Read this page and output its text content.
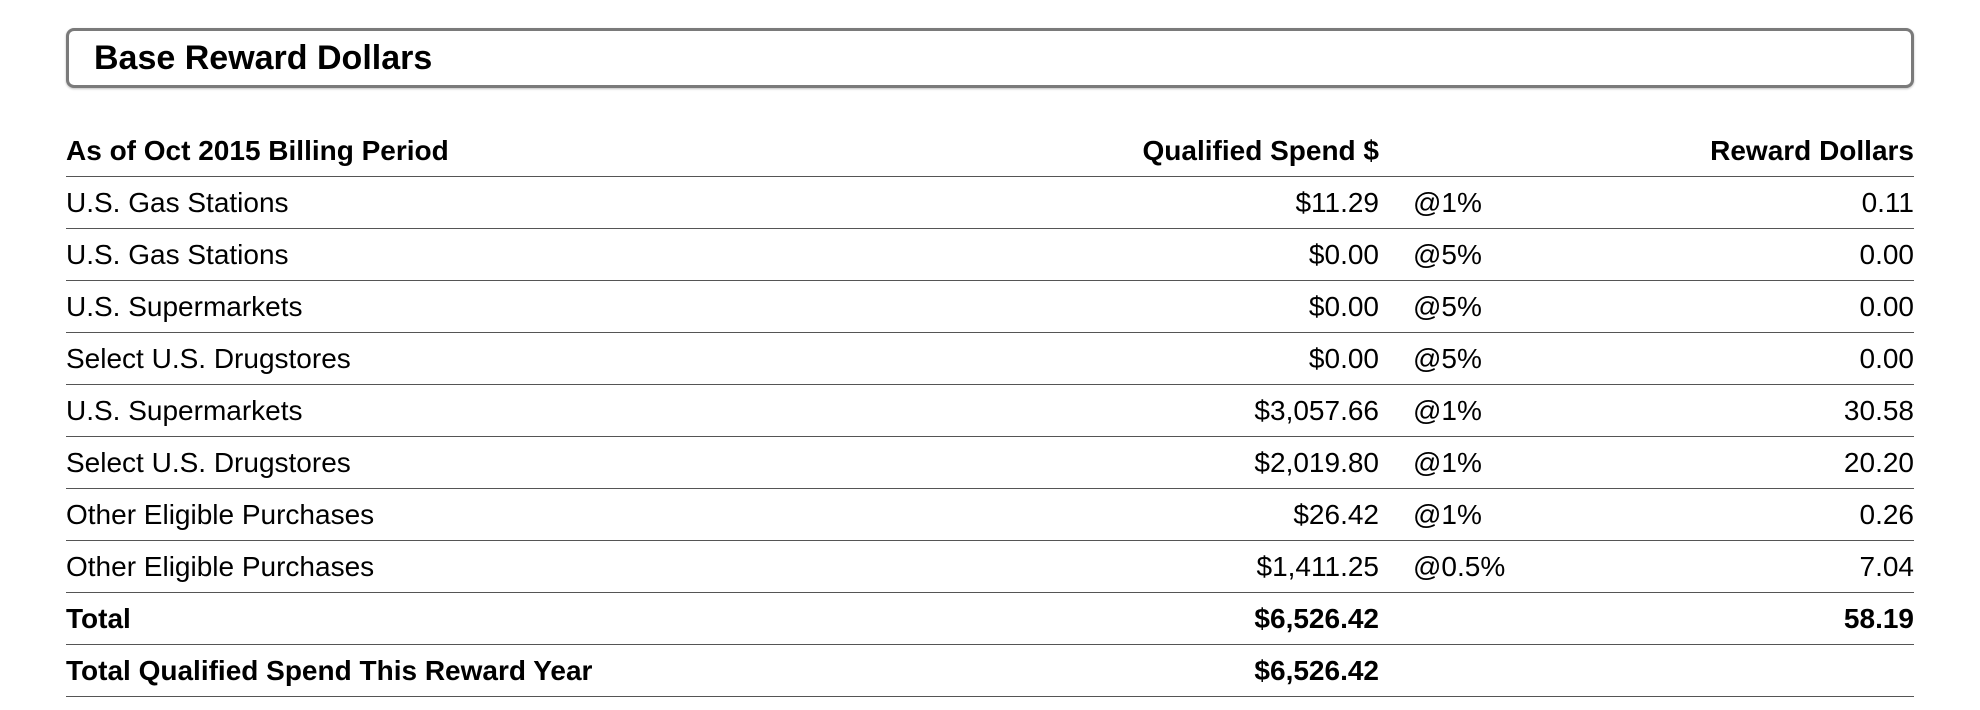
Base Reward Dollars
As of Oct 2015 Billing Period	Qualified Spend $	Reward Dollars
U.S. Gas Stations	$11.29 @1%	0.11
U.S. Gas Stations	$0.00 @5%	0.00
U.S. Supermarkets	$0.00 @5%	0.00
Select U.S. Drugstores	$0.00 @5%	0.00
U.S. Supermarkets	$3,057.66 @1%	30.58
Select U.S. Drugstores	$2,019.80 @1%	20.20
Other Eligible Purchases	$26.42 @1%	0.26
Other Eligible Purchases	$1,411.25 @0.5%	7.04
Total	$6,526.42	58.19
Total Qualified Spend This Reward Year	$6,526.42
